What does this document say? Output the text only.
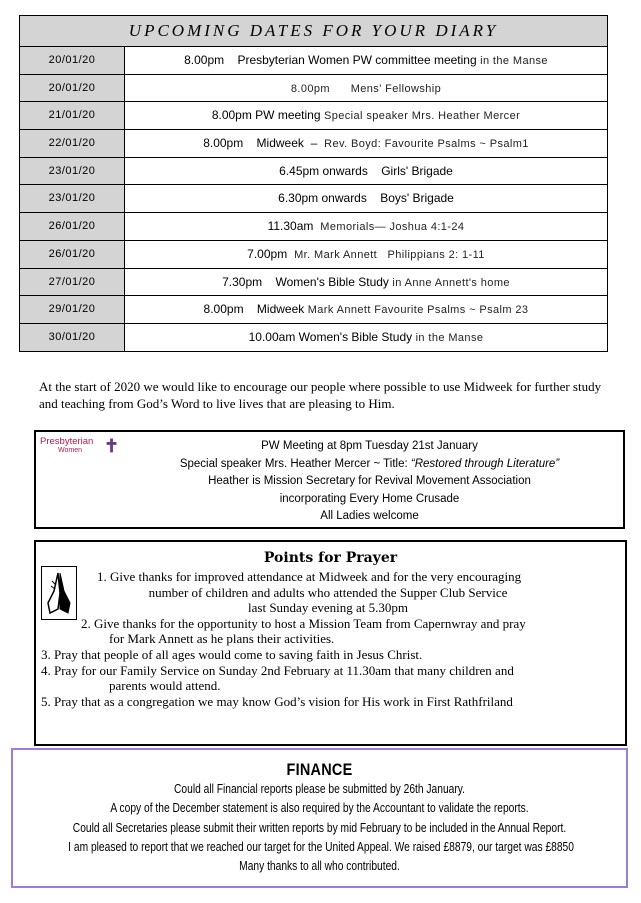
UPCOMING DATES FOR YOUR DIARY
20/01/20	8.00pm    Presbyterian Women PW committee meeting in the Manse
20/01/20	8.00pm      Mens' Fellowship
21/01/20	8.00pm PW meeting Special speaker Mrs. Heather Mercer
22/01/20	8.00pm    Midweek  –  Rev. Boyd: Favourite Psalms ~ Psalm1
23/01/20	6.45pm onwards    Girls' Brigade
23/01/20	6.30pm onwards    Boys' Brigade
26/01/20	11.30am  Memorials— Joshua 4:1-24
26/01/20	7.00pm  Mr. Mark Annett   Philippians 2: 1-11
27/01/20	7.30pm    Women's Bible Study in Anne Annett's home
29/01/20	8.00pm    Midweek Mark Annett Favourite Psalms ~ Psalm 23
30/01/20	10.00am Women's Bible Study in the Manse
At the start of 2020 we would like to encourage our people where possible to use Midweek for further study and teaching from God’s Word to live lives that are pleasing to Him.
Presbyterian
Women	✝	PW Meeting at 8pm Tuesday 21st January
Special speaker Mrs. Heather Mercer ~ Title: “Restored through Literature”
Heather is Mission Secretary for Revival Movement Association
incorporating Every Home Crusade
All Ladies welcome
Points for Prayer
1. Give thanks for improved attendance at Midweek and for the very encouraging
number of children and adults who attended the Supper Club Service
last Sunday evening at 5.30pm
2. Give thanks for the opportunity to host a Mission Team from Capernwray and pray
for Mark Annett as he plans their activities.
3. Pray that people of all ages would come to saving faith in Jesus Christ.
4. Pray for our Family Service on Sunday 2nd February at 11.30am that many children and
parents would attend.
5. Pray that as a congregation we may know God’s vision for His work in First Rathfriland
FINANCE
Could all Financial reports please be submitted by 26th January.
A copy of the December statement is also required by the Accountant to validate the reports.
Could all Secretaries please submit their written reports by mid February to be included in the Annual Report.
I am pleased to report that we reached our target for the United Appeal. We raised £8879, our target was £8850
Many thanks to all who contributed.
